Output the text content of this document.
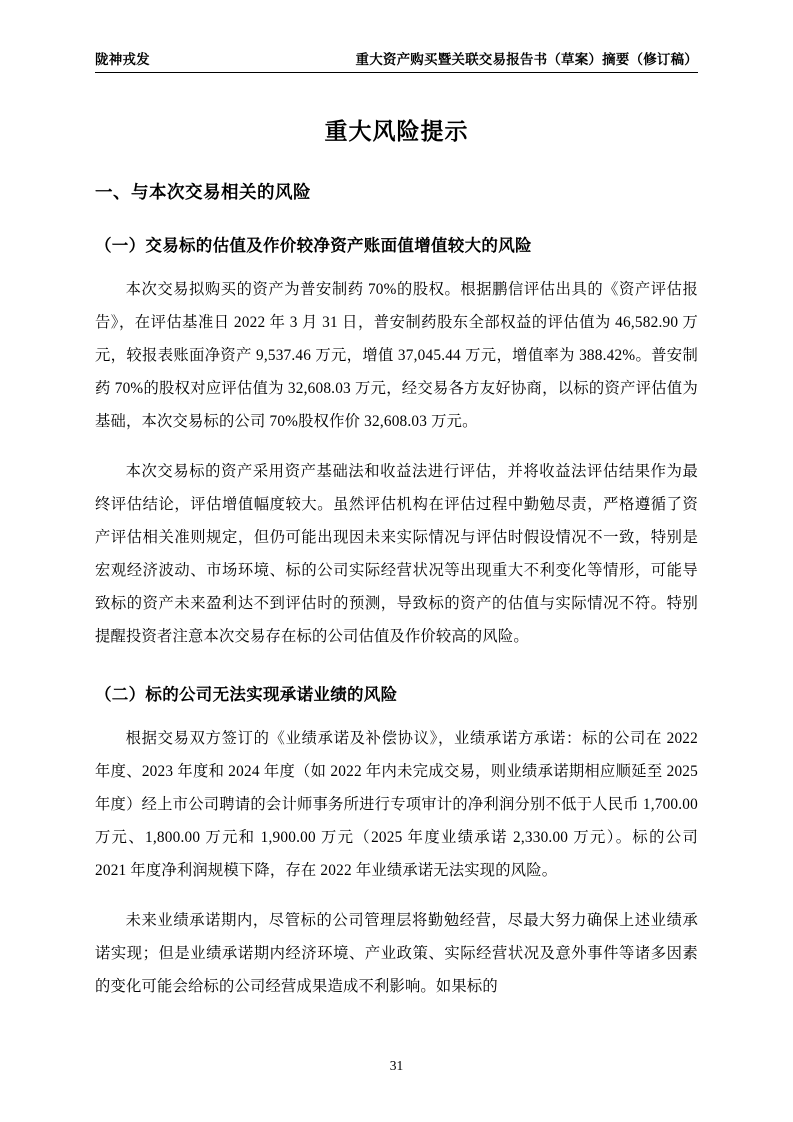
陇神戎发	重大资产购买暨关联交易报告书（草案）摘要（修订稿）
重大风险提示
一、与本次交易相关的风险
（一）交易标的估值及作价较净资产账面值增值较大的风险

本次交易拟购买的资产为普安制药 70%的股权。根据鹏信评估出具的《资产评估报告》，在评估基准日 2022 年 3 月 31 日，普安制药股东全部权益的评估值为 46,582.90 万元，较报表账面净资产 9,537.46 万元，增值 37,045.44 万元，增值率为 388.42%。普安制药 70%的股权对应评估值为 32,608.03 万元，经交易各方友好协商，以标的资产评估值为基础，本次交易标的公司 70%股权作价 32,608.03 万元。

本次交易标的资产采用资产基础法和收益法进行评估，并将收益法评估结果作为最终评估结论，评估增值幅度较大。虽然评估机构在评估过程中勤勉尽责，严格遵循了资产评估相关准则规定，但仍可能出现因未来实际情况与评估时假设情况不一致，特别是宏观经济波动、市场环境、标的公司实际经营状况等出现重大不利变化等情形，可能导致标的资产未来盈利达不到评估时的预测，导致标的资产的估值与实际情况不符。特别提醒投资者注意本次交易存在标的公司估值及作价较高的风险。

（二）标的公司无法实现承诺业绩的风险

根据交易双方签订的《业绩承诺及补偿协议》，业绩承诺方承诺：标的公司在 2022 年度、2023 年度和 2024 年度（如 2022 年内未完成交易，则业绩承诺期相应顺延至 2025 年度）经上市公司聘请的会计师事务所进行专项审计的净利润分别不低于人民币 1,700.00 万元、1,800.00 万元和 1,900.00 万元（2025 年度业绩承诺 2,330.00 万元）。标的公司 2021 年度净利润规模下降，存在 2022 年业绩承诺无法实现的风险。

未来业绩承诺期内，尽管标的公司管理层将勤勉经营，尽最大努力确保上述业绩承诺实现；但是业绩承诺期内经济环境、产业政策、实际经营状况及意外事件等诸多因素的变化可能会给标的公司经营成果造成不利影响。如果标的

31
